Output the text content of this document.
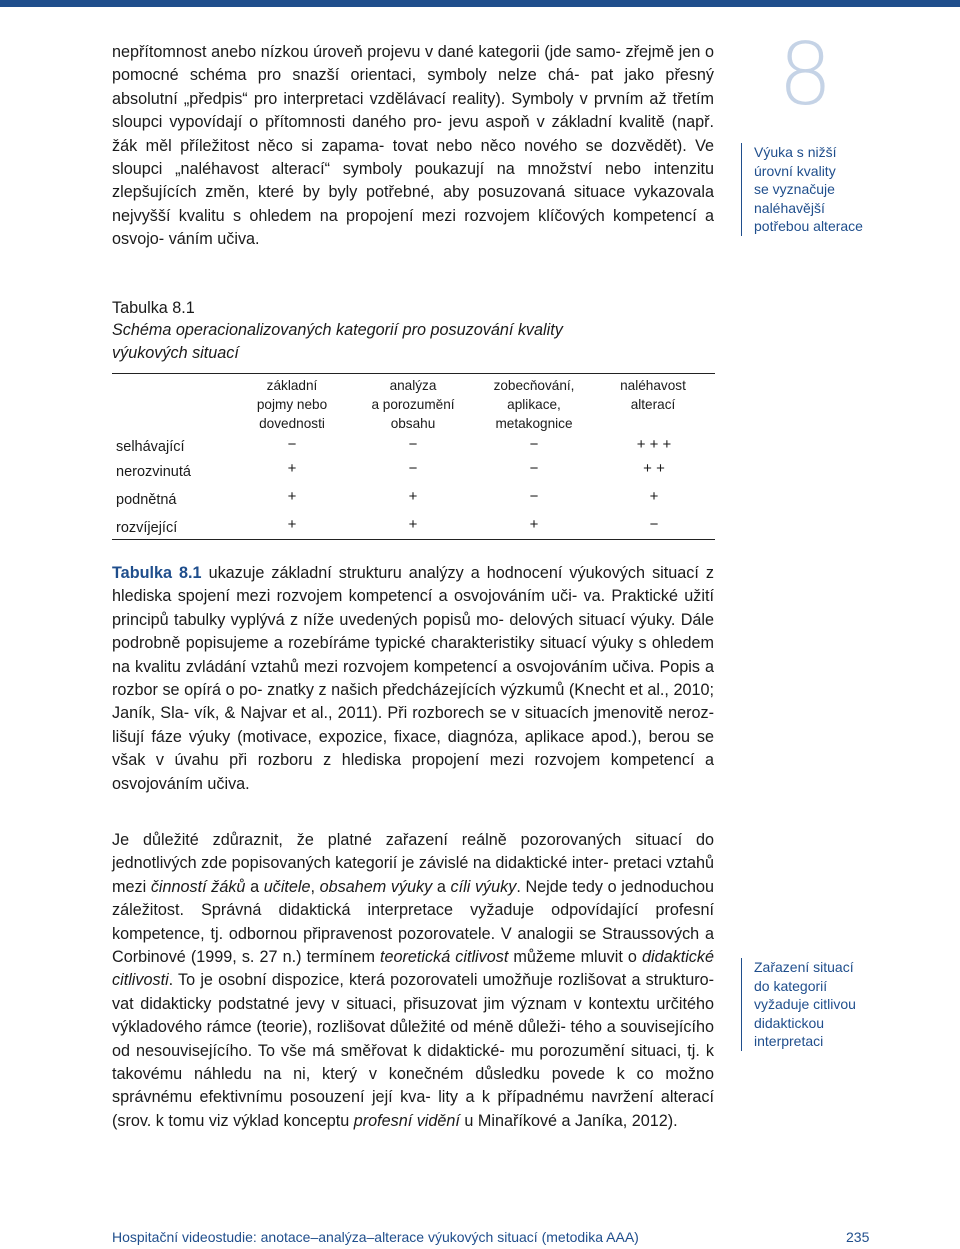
nepřítomnost anebo nízkou úroveň projevu v dané kategorii (jde samo- zřejmě jen o pomocné schéma pro snazší orientaci, symboly nelze chá- pat jako přesný absolutní „předpis“ pro interpretaci vzdělávací reality). Symboly v prvním až třetím sloupci vypovídají o přítomnosti daného pro- jevu aspoň v základní kvalitě (např. žák měl příležitost něco si zapama- tovat nebo něco nového se dozvědět). Ve sloupci „naléhavost alterací“ symboly poukazují na množství nebo intenzitu zlepšujících změn, které by byly potřebné, aby posuzovaná situace vykazovala nejvyšší kvalitu s ohledem na propojení mezi rozvojem klíčových kompetencí a osvojo- váním učiva.

8

Výuka s nižší
úrovní kvality
se vyznačuje
naléhavější
potřebou alterace

Tabulka 8.1

Schéma operacionalizovaných kategorií pro posuzování kvality
výukových situací

základní
pojmy nebo
dovednosti

analýza
a porozumění
obsahu

zobecňování,
aplikace,
metakognice

naléhavost
alterací

selhávající	−	−	−	+ + +

nerozvinutá	+	−	−	+ +

podnětná	+	+	−	+

rozvíjející	+	+	+	−

Tabulka 8.1 ukazuje základní strukturu analýzy a hodnocení výukových situací z hlediska spojení mezi rozvojem kompetencí a osvojováním uči- va. Praktické užití principů tabulky vyplývá z níže uvedených popisů mo- delových situací výuky. Dále podrobně popisujeme a rozebíráme typické charakteristiky situací výuky s ohledem na kvalitu zvládání vztahů mezi rozvojem kompetencí a osvojováním učiva. Popis a rozbor se opírá o po- znatky z našich předcházejících výzkumů (Knecht et al., 2010; Janík, Sla- vík, & Najvar et al., 2011). Při rozborech se v situacích jmenovitě neroz- lišují fáze výuky (motivace, expozice, fixace, diagnóza, aplikace apod.), berou se však v úvahu při rozboru z hlediska propojení mezi rozvojem kompetencí a osvojováním učiva.

Je důležité zdůraznit, že platné zařazení reálně pozorovaných situací do jednotlivých zde popisovaných kategorií je závislé na didaktické inter- pretaci vztahů mezi činností žáků a učitele, obsahem výuky a cíli výuky. Nejde tedy o jednoduchou záležitost. Správná didaktická interpretace vyžaduje odpovídající profesní kompetence, tj. odbornou připravenost pozorovatele. V analogii se Straussových a Corbinové (1999, s. 27 n.) termínem teoretická citlivost můžeme mluvit o didaktické citlivosti. To je osobní dispozice, která pozorovateli umožňuje rozlišovat a strukturo- vat didakticky podstatné jevy v situaci, přisuzovat jim význam v kontextu určitého výkladového rámce (teorie), rozlišovat důležité od méně důleži- tého a souvisejícího od nesouvisejícího. To vše má směřovat k didaktické- mu porozumění situaci, tj. k takovému náhledu na ni, který v konečném důsledku povede k co možno správnému efektivnímu posouzení její kva- lity a k případnému navržení alterací (srov. k tomu viz výklad konceptu profesní vidění u Minaříkové a Janíka, 2012).

Zařazení situací
do kategorií
vyžaduje citlivou
didaktickou
interpretaci

Hospitační videostudie: anotace–analýza–alterace výukových situací (metodika AAA)	235
